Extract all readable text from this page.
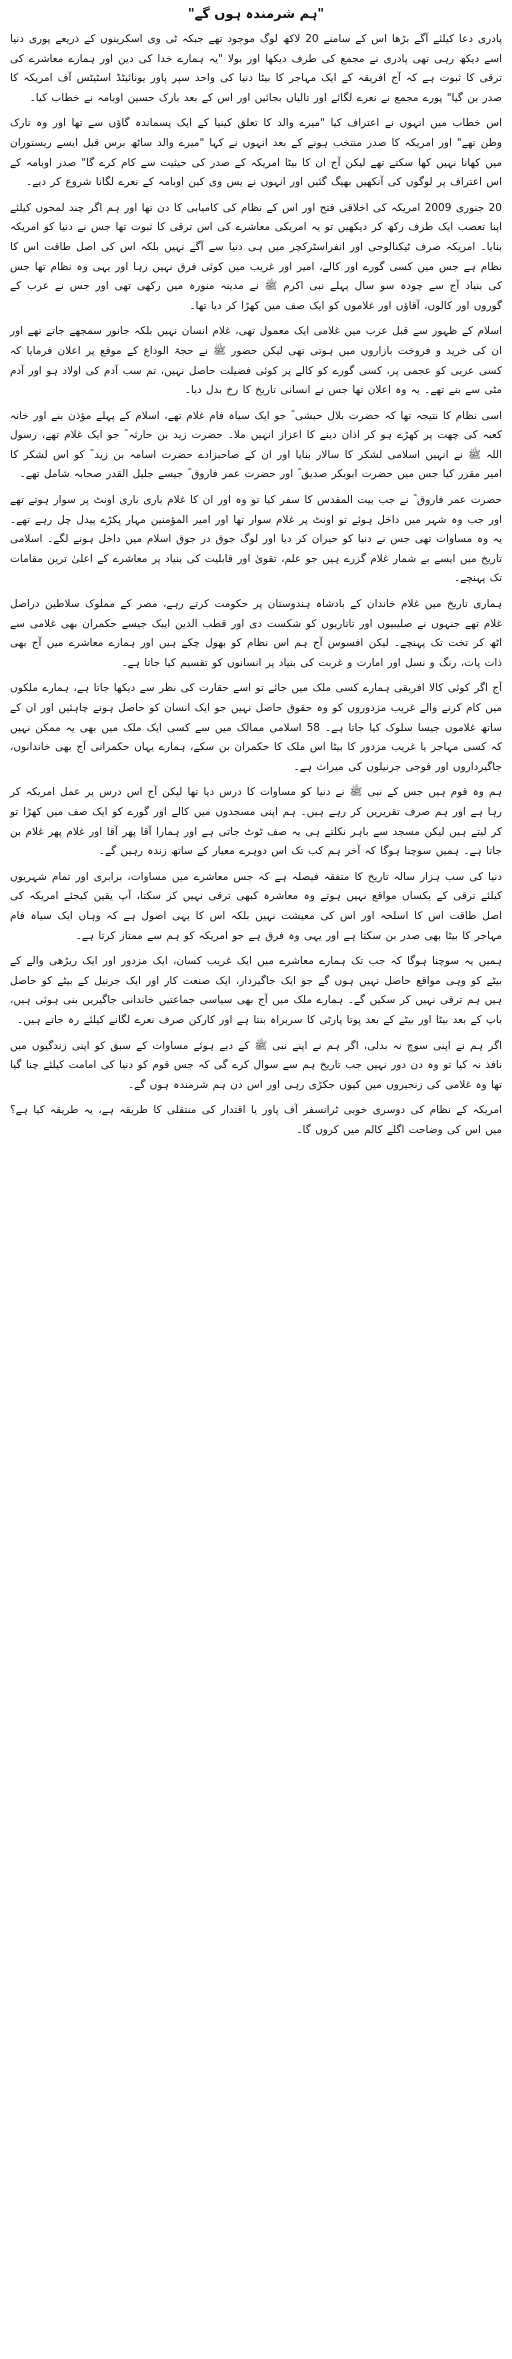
"ہم شرمندہ ہوں گے"

پادری دعا کیلئے آگے بڑھا اس کے سامنے 20 لاکھ لوگ موجود تھے جبکہ ٹی وی اسکرینوں کے ذریعے پوری دنیا اسے دیکھ رہی تھی پادری نے مجمع کی طرف دیکھا اور بولا "یہ ہمارے خدا کی دین اور ہمارے معاشرے کی ترقی کا ثبوت ہے کہ آج افریقہ کے ایک مہاجر کا بیٹا دنیا کی واحد سپر پاور یونائیٹڈ اسٹیٹس آف امریکہ کا صدر بن گیا" پورے مجمع نے نعرے لگائے اور تالیاں بجائیں اور اس کے بعد بارک حسین اوبامہ نے خطاب کیا۔

اس خطاب میں انہوں نے اعتراف کیا "میرے والد کا تعلق کینیا کے ایک پسماندہ گاؤں سے تھا اور وہ تارک وطن تھے" اور امریکہ کا صدر منتخب ہونے کے بعد انہوں نے کہا "میرے والد ساٹھ برس قبل ایسے ریستوران میں کھانا نہیں کھا سکتے تھے لیکن آج ان کا بیٹا امریکہ کے صدر کی حیثیت سے کام کرے گا" صدر اوبامہ کے اس اعتراف پر لوگوں کی آنکھیں بھیگ گئیں اور انہوں نے یس وی کین اوبامہ کے نعرے لگانا شروع کر دیے۔

20 جنوری 2009 امریکہ کی اخلاقی فتح اور اس کے نظام کی کامیابی کا دن تھا اور ہم اگر چند لمحوں کیلئے اپنا تعصب ایک طرف رکھ کر دیکھیں تو یہ امریکی معاشرے کی اس ترقی کا ثبوت تھا جس نے دنیا کو امریکہ بنایا۔ امریکہ صرف ٹیکنالوجی اور انفراسٹرکچر میں ہی دنیا سے آگے نہیں بلکہ اس کی اصل طاقت اس کا نظام ہے جس میں کسی گورے اور کالے، امیر اور غریب میں کوئی فرق نہیں رہا اور یہی وہ نظام تھا جس کی بنیاد آج سے چودہ سو سال پہلے نبی اکرم ﷺ نے مدینہ منورہ میں رکھی تھی اور جس نے عرب کے گوروں اور کالوں، آقاؤں اور غلاموں کو ایک صف میں کھڑا کر دیا تھا۔

اسلام کے ظہور سے قبل عرب میں غلامی ایک معمول تھی، غلام انسان نہیں بلکہ جانور سمجھے جاتے تھے اور ان کی خرید و فروخت بازاروں میں ہوتی تھی لیکن حضور ﷺ نے حجۃ الوداع کے موقع پر اعلان فرمایا کہ کسی عربی کو عجمی پر، کسی گورے کو کالے پر کوئی فضیلت حاصل نہیں، تم سب آدم کی اولاد ہو اور آدم مٹی سے بنے تھے۔ یہ وہ اعلان تھا جس نے انسانی تاریخ کا رخ بدل دیا۔

اسی نظام کا نتیجہ تھا کہ حضرت بلال حبشی ؓ جو ایک سیاہ فام غلام تھے، اسلام کے پہلے مؤذن بنے اور خانہ کعبہ کی چھت پر کھڑے ہو کر اذان دینے کا اعزاز انہیں ملا۔ حضرت زید بن حارثہ ؓ جو ایک غلام تھے، رسول اللہ ﷺ نے انہیں اسلامی لشکر کا سالار بنایا اور ان کے صاحبزادے حضرت اسامہ بن زید ؓ کو اس لشکر کا امیر مقرر کیا جس میں حضرت ابوبکر صدیق ؓ اور حضرت عمر فاروق ؓ جیسے جلیل القدر صحابہ شامل تھے۔

حضرت عمر فاروق ؓ نے جب بیت المقدس کا سفر کیا تو وہ اور ان کا غلام باری باری اونٹ پر سوار ہوتے تھے اور جب وہ شہر میں داخل ہوئے تو اونٹ پر غلام سوار تھا اور امیر المؤمنین مہار پکڑے پیدل چل رہے تھے۔ یہ وہ مساوات تھی جس نے دنیا کو حیران کر دیا اور لوگ جوق در جوق اسلام میں داخل ہونے لگے۔ اسلامی تاریخ میں ایسے بے شمار غلام گزرے ہیں جو علم، تقویٰ اور قابلیت کی بنیاد پر معاشرے کے اعلیٰ ترین مقامات تک پہنچے۔

ہماری تاریخ میں غلام خاندان کے بادشاہ ہندوستان پر حکومت کرتے رہے، مصر کے مملوک سلاطین دراصل غلام تھے جنہوں نے صلیبیوں اور تاتاریوں کو شکست دی اور قطب الدین ایبک جیسے حکمران بھی غلامی سے اٹھ کر تخت تک پہنچے۔ لیکن افسوس آج ہم اس نظام کو بھول چکے ہیں اور ہمارے معاشرے میں آج بھی ذات پات، رنگ و نسل اور امارت و غربت کی بنیاد پر انسانوں کو تقسیم کیا جاتا ہے۔

آج اگر کوئی کالا افریقی ہمارے کسی ملک میں جائے تو اسے حقارت کی نظر سے دیکھا جاتا ہے، ہمارے ملکوں میں کام کرنے والے غریب مزدوروں کو وہ حقوق حاصل نہیں جو ایک انسان کو حاصل ہونے چاہئیں اور ان کے ساتھ غلاموں جیسا سلوک کیا جاتا ہے۔ 58 اسلامی ممالک میں سے کسی ایک ملک میں بھی یہ ممکن نہیں کہ کسی مہاجر یا غریب مزدور کا بیٹا اس ملک کا حکمران بن سکے، ہمارے یہاں حکمرانی آج بھی خاندانوں، جاگیرداروں اور فوجی جرنیلوں کی میراث ہے۔

ہم وہ قوم ہیں جس کے نبی ﷺ نے دنیا کو مساوات کا درس دیا تھا لیکن آج اس درس پر عمل امریکہ کر رہا ہے اور ہم صرف تقریریں کر رہے ہیں۔ ہم اپنی مسجدوں میں کالے اور گورے کو ایک صف میں کھڑا تو کر لیتے ہیں لیکن مسجد سے باہر نکلتے ہی یہ صف ٹوٹ جاتی ہے اور ہمارا آقا پھر آقا اور غلام پھر غلام بن جاتا ہے۔ ہمیں سوچنا ہوگا کہ آخر ہم کب تک اس دوہرے معیار کے ساتھ زندہ رہیں گے۔

دنیا کی سب ہزار سالہ تاریخ کا متفقہ فیصلہ ہے کہ جس معاشرے میں مساوات، برابری اور تمام شہریوں کیلئے ترقی کے یکساں مواقع نہیں ہوتے وہ معاشرہ کبھی ترقی نہیں کر سکتا، آپ یقین کیجئے امریکہ کی اصل طاقت اس کا اسلحہ اور اس کی معیشت نہیں بلکہ اس کا یہی اصول ہے کہ وہاں ایک سیاہ فام مہاجر کا بیٹا بھی صدر بن سکتا ہے اور یہی وہ فرق ہے جو امریکہ کو ہم سے ممتاز کرتا ہے۔

ہمیں یہ سوچنا ہوگا کہ جب تک ہمارے معاشرے میں ایک غریب کسان، ایک مزدور اور ایک ریڑھی والے کے بیٹے کو وہی مواقع حاصل نہیں ہوں گے جو ایک جاگیردار، ایک صنعت کار اور ایک جرنیل کے بیٹے کو حاصل ہیں ہم ترقی نہیں کر سکیں گے۔ ہمارے ملک میں آج بھی سیاسی جماعتیں خاندانی جاگیریں بنی ہوئی ہیں، باپ کے بعد بیٹا اور بیٹے کے بعد پوتا پارٹی کا سربراہ بنتا ہے اور کارکن صرف نعرے لگانے کیلئے رہ جاتے ہیں۔

اگر ہم نے اپنی سوچ نہ بدلی، اگر ہم نے اپنے نبی ﷺ کے دیے ہوئے مساوات کے سبق کو اپنی زندگیوں میں نافذ نہ کیا تو وہ دن دور نہیں جب تاریخ ہم سے سوال کرے گی کہ جس قوم کو دنیا کی امامت کیلئے چنا گیا تھا وہ غلامی کی زنجیروں میں کیوں جکڑی رہی اور اس دن ہم شرمندہ ہوں گے۔

امریکہ کے نظام کی دوسری خوبی ٹرانسفر آف پاور یا اقتدار کی منتقلی کا طریقہ ہے، یہ طریقہ کیا ہے؟ میں اس کی وضاحت اگلے کالم میں کروں گا۔
